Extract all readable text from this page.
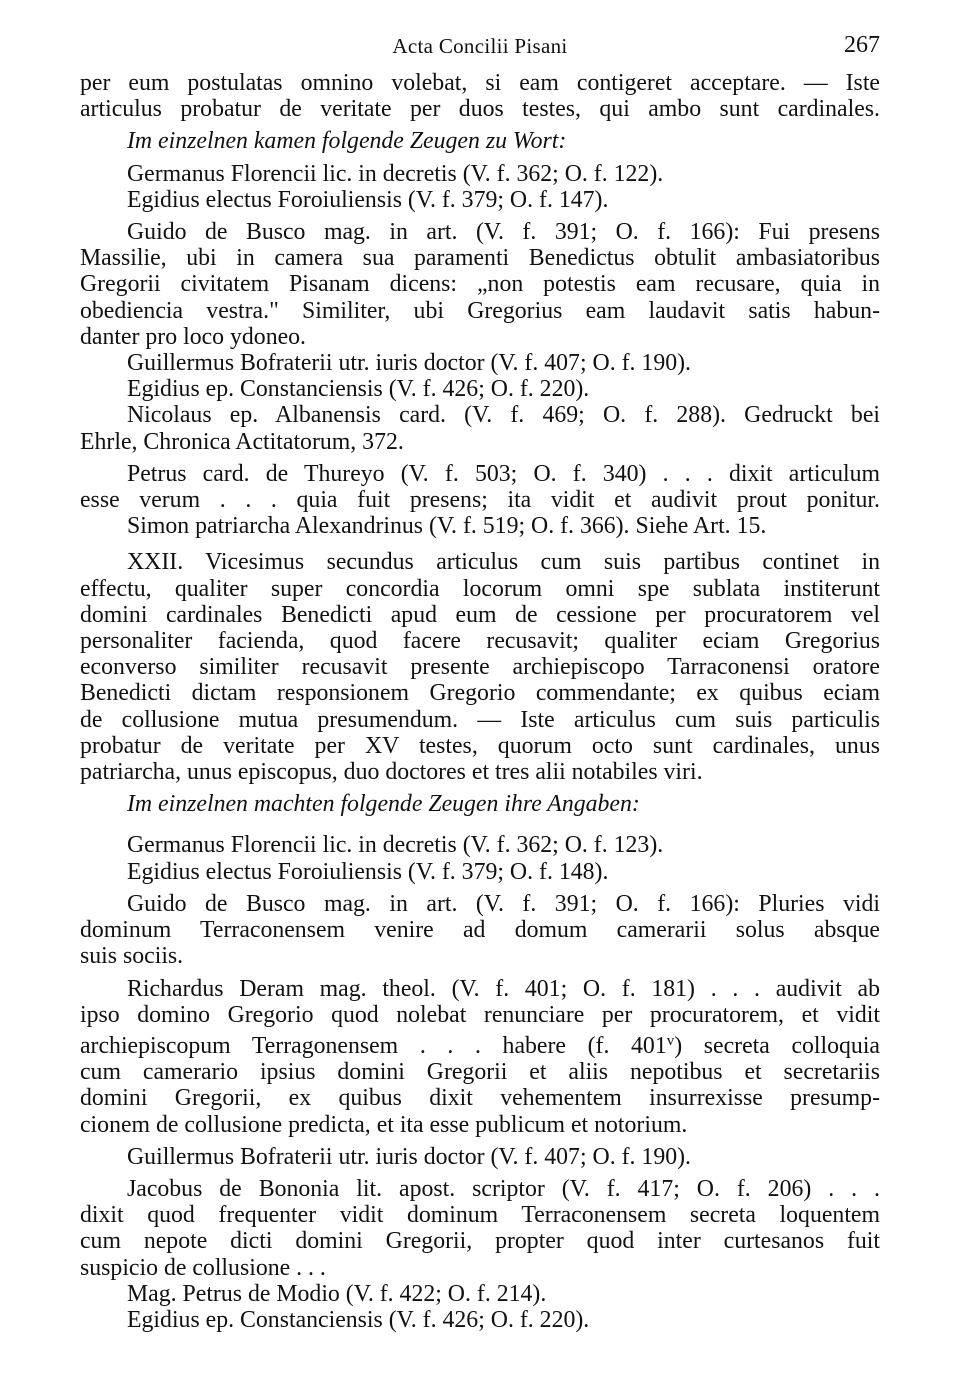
Acta Concilii Pisani	267
per eum postulatas omnino volebat, si eam contigeret acceptare. — Iste
articulus probatur de veritate per duos testes, qui ambo sunt cardinales.
Im einzelnen kamen folgende Zeugen zu Wort:
Germanus Florencii lic. in decretis (V. f. 362; O. f. 122).
Egidius electus Foroiuliensis (V. f. 379; O. f. 147).
Guido de Busco mag. in art. (V. f. 391; O. f. 166): Fui presens
Massilie, ubi in camera sua paramenti Benedictus obtulit ambasiatoribus
Gregorii civitatem Pisanam dicens: „non potestis eam recusare, quia in
obediencia vestra." Similiter, ubi Gregorius eam laudavit satis habun-
danter pro loco ydoneo.
Guillermus Bofraterii utr. iuris doctor (V. f. 407; O. f. 190).
Egidius ep. Constanciensis (V. f. 426; O. f. 220).
Nicolaus ep. Albanensis card. (V. f. 469; O. f. 288). Gedruckt bei
Ehrle, Chronica Actitatorum, 372.
Petrus card. de Thureyo (V. f. 503; O. f. 340) . . . dixit articulum
esse verum . . . quia fuit presens; ita vidit et audivit prout ponitur.
Simon patriarcha Alexandrinus (V. f. 519; O. f. 366). Siehe Art. 15.
XXII. Vicesimus secundus articulus cum suis partibus continet in
effectu, qualiter super concordia locorum omni spe sublata institerunt
domini cardinales Benedicti apud eum de cessione per procuratorem vel
personaliter facienda, quod facere recusavit; qualiter eciam Gregorius
econverso similiter recusavit presente archiepiscopo Tarraconensi oratore
Benedicti dictam responsionem Gregorio commendante; ex quibus eciam
de collusione mutua presumendum. — Iste articulus cum suis particulis
probatur de veritate per XV testes, quorum octo sunt cardinales, unus
patriarcha, unus episcopus, duo doctores et tres alii notabiles viri.
Im einzelnen machten folgende Zeugen ihre Angaben:
Germanus Florencii lic. in decretis (V. f. 362; O. f. 123).
Egidius electus Foroiuliensis (V. f. 379; O. f. 148).
Guido de Busco mag. in art. (V. f. 391; O. f. 166): Pluries vidi
dominum Terraconensem venire ad domum camerarii solus absque
suis sociis.
Richardus Deram mag. theol. (V. f. 401; O. f. 181) . . . audivit ab
ipso domino Gregorio quod nolebat renunciare per procuratorem, et vidit
archiepiscopum Terragonensem . . . habere (f. 401$^v$) secreta colloquia
cum camerario ipsius domini Gregorii et aliis nepotibus et secretariis
domini Gregorii, ex quibus dixit vehementem insurrexisse presump-
cionem de collusione predicta, et ita esse publicum et notorium.
Guillermus Bofraterii utr. iuris doctor (V. f. 407; O. f. 190).
Jacobus de Bononia lit. apost. scriptor (V. f. 417; O. f. 206) . . .
dixit quod frequenter vidit dominum Terraconensem secreta loquentem
cum nepote dicti domini Gregorii, propter quod inter curtesanos fuit
suspicio de collusione . . .
Mag. Petrus de Modio (V. f. 422; O. f. 214).
Egidius ep. Constanciensis (V. f. 426; O. f. 220).
